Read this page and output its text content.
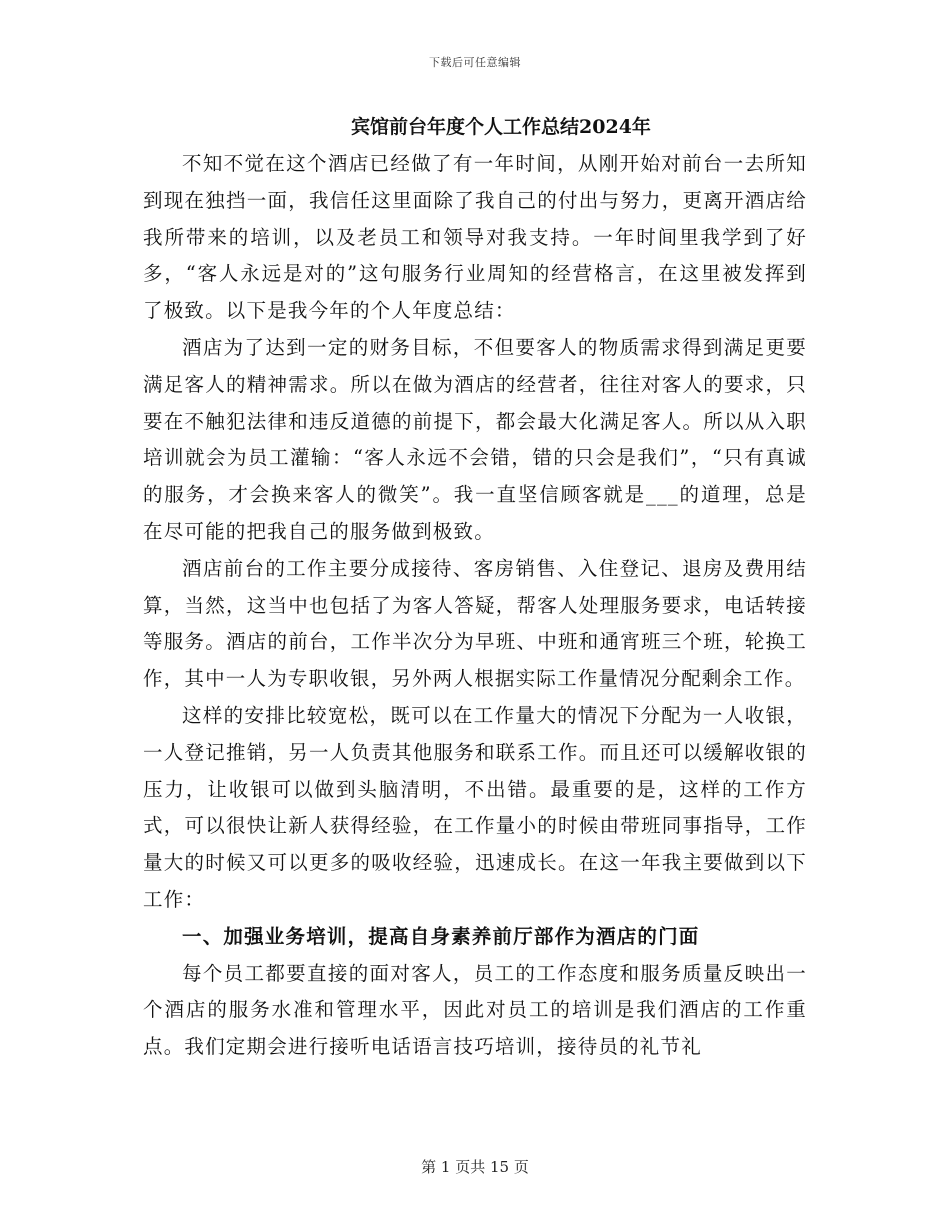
下载后可任意编辑
宾馆前台年度个人工作总结2024年

不知不觉在这个酒店已经做了有一年时间，从刚开始对前台一去所知到现在独挡一面，我信任这里面除了我自己的付出与努力，更离开酒店给我所带来的培训，以及老员工和领导对我支持。一年时间里我学到了好多，“客人永远是对的”这句服务行业周知的经营格言，在这里被发挥到了极致。以下是我今年的个人年度总结：

酒店为了达到一定的财务目标，不但要客人的物质需求得到满足更要满足客人的精神需求。所以在做为酒店的经营者，往往对客人的要求，只要在不触犯法律和违反道德的前提下，都会最大化满足客人。所以从入职培训就会为员工灌输：“客人永远不会错，错的只会是我们”，“只有真诚的服务，才会换来客人的微笑”。我一直坚信顾客就是___的道理，总是在尽可能的把我自己的服务做到极致。

酒店前台的工作主要分成接待、客房销售、入住登记、退房及费用结算，当然，这当中也包括了为客人答疑，帮客人处理服务要求，电话转接等服务。酒店的前台，工作半次分为早班、中班和通宵班三个班，轮换工作，其中一人为专职收银，另外两人根据实际工作量情况分配剩余工作。

这样的安排比较宽松，既可以在工作量大的情况下分配为一人收银，一人登记推销，另一人负责其他服务和联系工作。而且还可以缓解收银的压力，让收银可以做到头脑清明，不出错。最重要的是，这样的工作方式，可以很快让新人获得经验，在工作量小的时候由带班同事指导，工作量大的时候又可以更多的吸收经验，迅速成长。在这一年我主要做到以下工作：

一、加强业务培训，提高自身素养前厅部作为酒店的门面

每个员工都要直接的面对客人，员工的工作态度和服务质量反映出一个酒店的服务水准和管理水平，因此对员工的培训是我们酒店的工作重点。我们定期会进行接听电话语言技巧培训，接待员的礼节礼

第 1 页共 15 页
